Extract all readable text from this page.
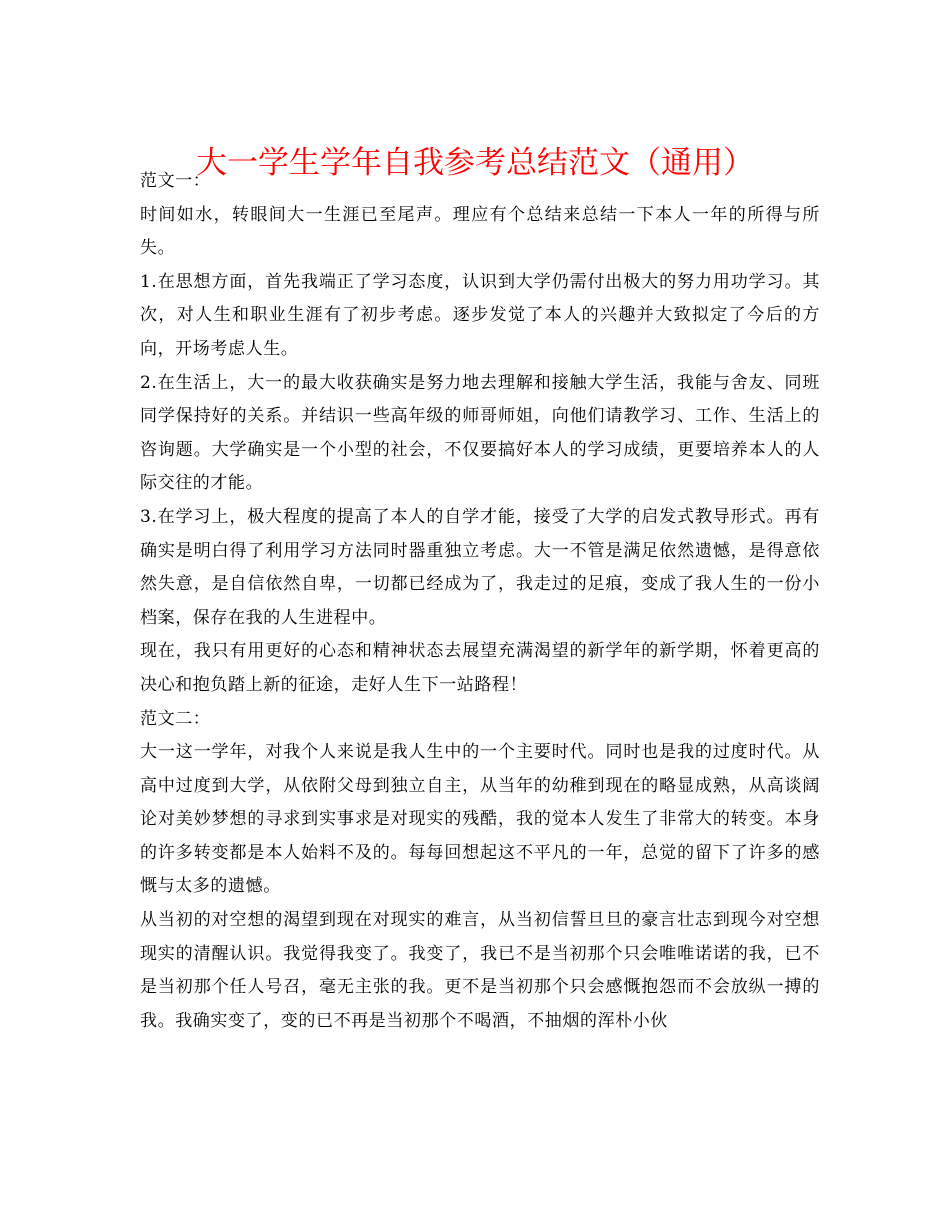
大一学生学年自我参考总结范文（通用）

范文一：

时间如水，转眼间大一生涯已至尾声。理应有个总结来总结一下本人一年的所得与所失。

1.在思想方面，首先我端正了学习态度，认识到大学仍需付出极大的努力用功学习。其次，对人生和职业生涯有了初步考虑。逐步发觉了本人的兴趣并大致拟定了今后的方向，开场考虑人生。

2.在生活上，大一的最大收获确实是努力地去理解和接触大学生活，我能与舍友、同班同学保持好的关系。并结识一些高年级的师哥师姐，向他们请教学习、工作、生活上的咨询题。大学确实是一个小型的社会，不仅要搞好本人的学习成绩，更要培养本人的人际交往的才能。

3.在学习上，极大程度的提高了本人的自学才能，接受了大学的启发式教导形式。再有确实是明白得了利用学习方法同时器重独立考虑。大一不管是满足依然遗憾，是得意依然失意，是自信依然自卑，一切都已经成为了，我走过的足痕，变成了我人生的一份小档案，保存在我的人生进程中。

现在，我只有用更好的心态和精神状态去展望充满渴望的新学年的新学期，怀着更高的决心和抱负踏上新的征途，走好人生下一站路程！

范文二：

大一这一学年，对我个人来说是我人生中的一个主要时代。同时也是我的过度时代。从高中过度到大学，从依附父母到独立自主，从当年的幼稚到现在的略显成熟，从高谈阔论对美妙梦想的寻求到实事求是对现实的残酷，我的觉本人发生了非常大的转变。本身的许多转变都是本人始料不及的。每每回想起这不平凡的一年，总觉的留下了许多的感慨与太多的遗憾。

从当初的对空想的渴望到现在对现实的难言，从当初信誓旦旦的豪言壮志到现今对空想现实的清醒认识。我觉得我变了。我变了，我已不是当初那个只会唯唯诺诺的我，已不是当初那个任人号召，毫无主张的我。更不是当初那个只会感慨抱怨而不会放纵一搏的我。我确实变了，变的已不再是当初那个不喝酒，不抽烟的浑朴小伙
